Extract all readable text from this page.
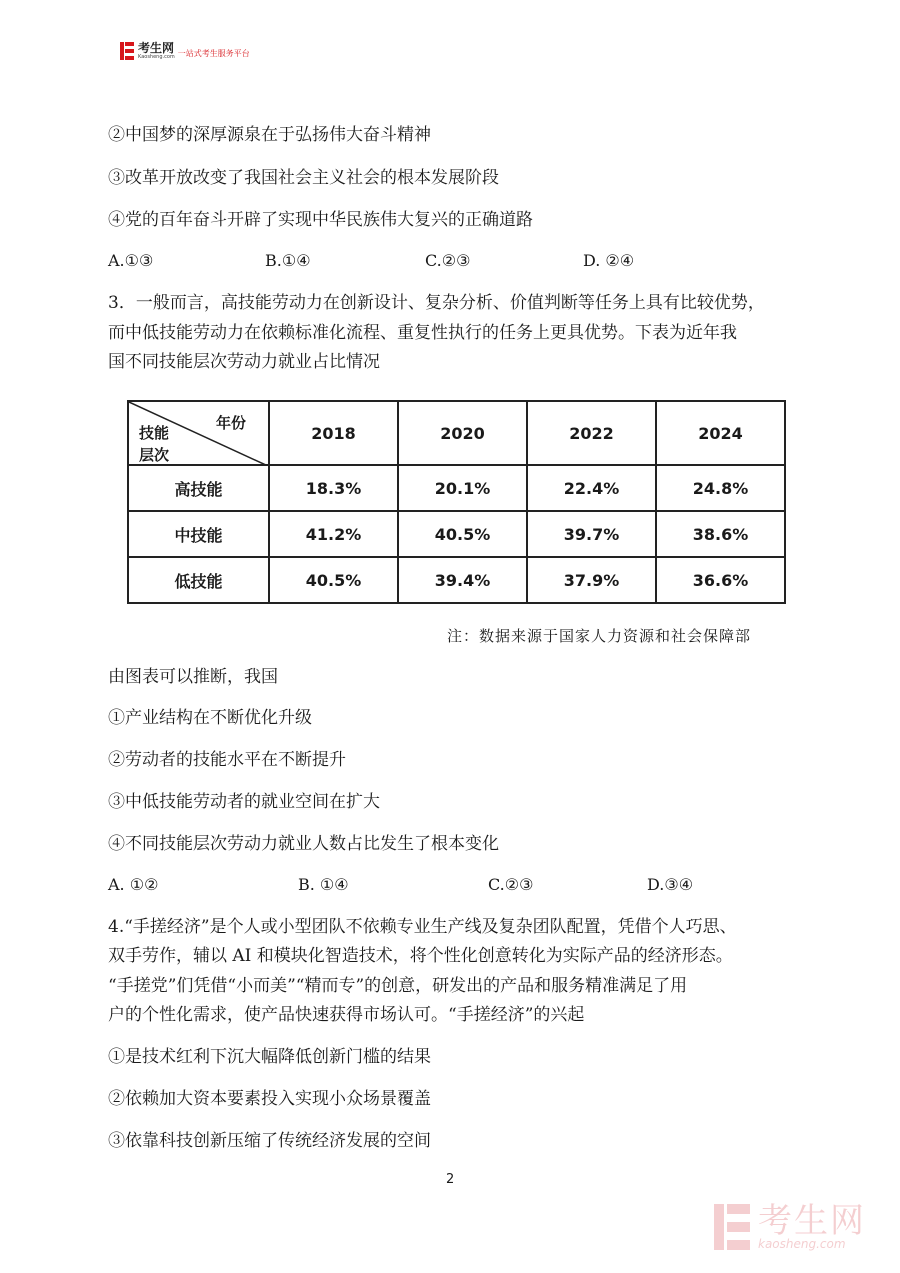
考生网
Kaosheng.com 一站式考生服务平台
②中国梦的深厚源泉在于弘扬伟大奋斗精神
③改革开放改变了我国社会主义社会的根本发展阶段
④党的百年奋斗开辟了实现中华民族伟大复兴的正确道路
A.①③	B.①④	C.②③	D. ②④
3．一般而言，高技能劳动力在创新设计、复杂分析、价值判断等任务上具有比较优势，
而中低技能劳动力在依赖标准化流程、重复性执行的任务上更具优势。下表为近年我
国不同技能层次劳动力就业占比情况
年份
技能
层次	2018	2020	2022	2024
高技能	18.3%	20.1%	22.4%	24.8%
中技能	41.2%	40.5%	39.7%	38.6%
低技能	40.5%	39.4%	37.9%	36.6%
注：数据来源于国家人力资源和社会保障部
由图表可以推断，我国
①产业结构在不断优化升级
②劳动者的技能水平在不断提升
③中低技能劳动者的就业空间在扩大
④不同技能层次劳动力就业人数占比发生了根本变化
A. ①②	B. ①④	C.②③	D.③④
4.“手搓经济”是个人或小型团队不依赖专业生产线及复杂团队配置，凭借个人巧思、
双手劳作，辅以 AI 和模块化智造技术，将个性化创意转化为实际产品的经济形态。
“手搓党”们凭借“小而美”“精而专”的创意，研发出的产品和服务精准满足了用
户的个性化需求，使产品快速获得市场认可。“手搓经济”的兴起
①是技术红利下沉大幅降低创新门槛的结果
②依赖加大资本要素投入实现小众场景覆盖
③依靠科技创新压缩了传统经济发展的空间
2
考生网
kaosheng.com
